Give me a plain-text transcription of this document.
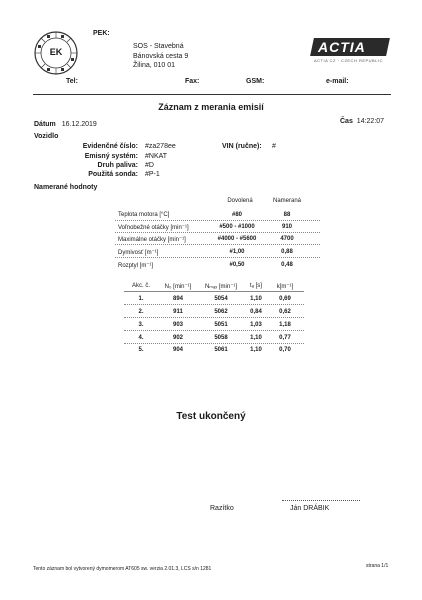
EK
PEK:
SOS - Stavebná
Bánovská cesta 9
Žilina, 010 01
Tel:	Fax:	GSM:	e-mail:
ACTIA
ACTIA CZ · CZECH REPUBLIC
Záznam z merania emisií
Dátum 16.12.2019	Čas 14:22:07
Vozidlo
Evidenčné číslo: #za278ee	VIN (ručne): #
Emisný systém: #NKAT
Druh paliva: #D
Použitá sonda: #P-1
Namerané hodnoty
Dovolená	Nameraná
Teplota motora [°C]	#80	88
Voľnobežné otáčky [min⁻¹]	#500 - #1000	910
Maximálne otáčky [min⁻¹]	#4000 - #5600	4700
Dymivosť [m⁻¹]	#1,00	0,88
Rozptyl [m⁻¹]	#0,50	0,48
Akc. č.	N₀ [min⁻¹]	Nₘₐₓ [min⁻¹]	tₐ [s]	k[m⁻¹]
1.	894	5054	1,10	0,69
2.	911	5062	0,84	0,62
3.	903	5051	1,03	1,18
4.	902	5058	1,10	0,77
5.	904	5061	1,10	0,70
Test ukončený
Razítko	Ján DRÁBIK
Tento záznam bol vytvorený dymomerom AT605 sw. verzia 2.01.3, LCS s/n 1281	strana 1/1
